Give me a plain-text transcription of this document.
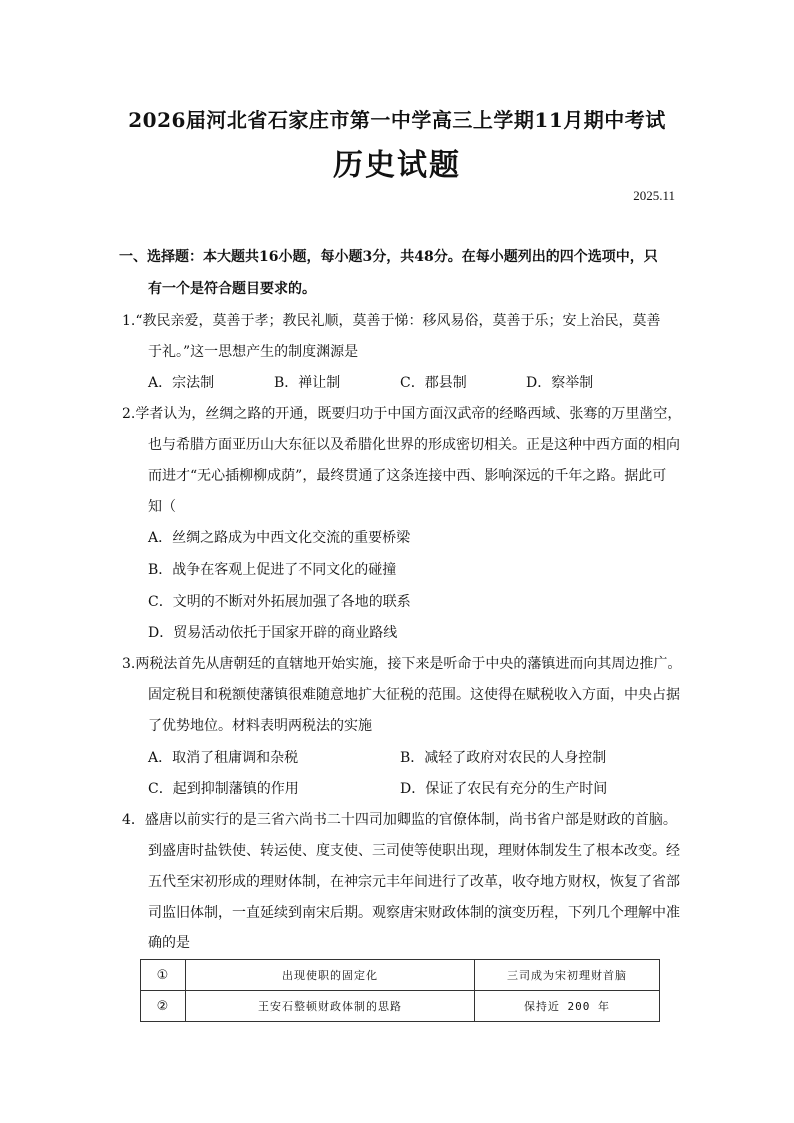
2026届河北省石家庄市第一中学高三上学期11月期中考试
历史试题
2025.11
一、选择题：本大题共16小题，每小题3分，共48分。在每小题列出的四个选项中，只
有一个是符合题目要求的。
1.“教民亲爱，莫善于孝；教民礼顺，莫善于悌：移风易俗，莫善于乐；安上治民，莫善
于礼。”这一思想产生的制度渊源是
A．宗法制	B．禅让制	C．郡县制	D．察举制
2.学者认为，丝绸之路的开通，既要归功于中国方面汉武帝的经略西域、张骞的万里凿空，
也与希腊方面亚历山大东征以及希腊化世界的形成密切相关。正是这种中西方面的相向
而进才“无心插柳柳成荫”，最终贯通了这条连接中西、影响深远的千年之路。据此可
知（
A．丝绸之路成为中西文化交流的重要桥梁
B．战争在客观上促进了不同文化的碰撞
C．文明的不断对外拓展加强了各地的联系
D．贸易活动依托于国家开辟的商业路线
3.两税法首先从唐朝廷的直辖地开始实施，接下来是听命于中央的藩镇进而向其周边推广。
固定税目和税额使藩镇很难随意地扩大征税的范围。这使得在赋税收入方面，中央占据
了优势地位。材料表明两税法的实施
A．取消了租庸调和杂税	B．减轻了政府对农民的人身控制
C．起到抑制藩镇的作用	D．保证了农民有充分的生产时间
4．盛唐以前实行的是三省六尚书二十四司加卿监的官僚体制，尚书省户部是财政的首脑。
到盛唐时盐铁使、转运使、度支使、三司使等使职出现，理财体制发生了根本改变。经
五代至宋初形成的理财体制，在神宗元丰年间进行了改革，收夺地方财权，恢复了省部
司监旧体制，一直延续到南宋后期。观察唐宋财政体制的演变历程，下列几个理解中准
确的是
①	出现使职的固定化	三司成为宋初理财首脑
②	王安石整顿财政体制的思路	保持近 200 年
